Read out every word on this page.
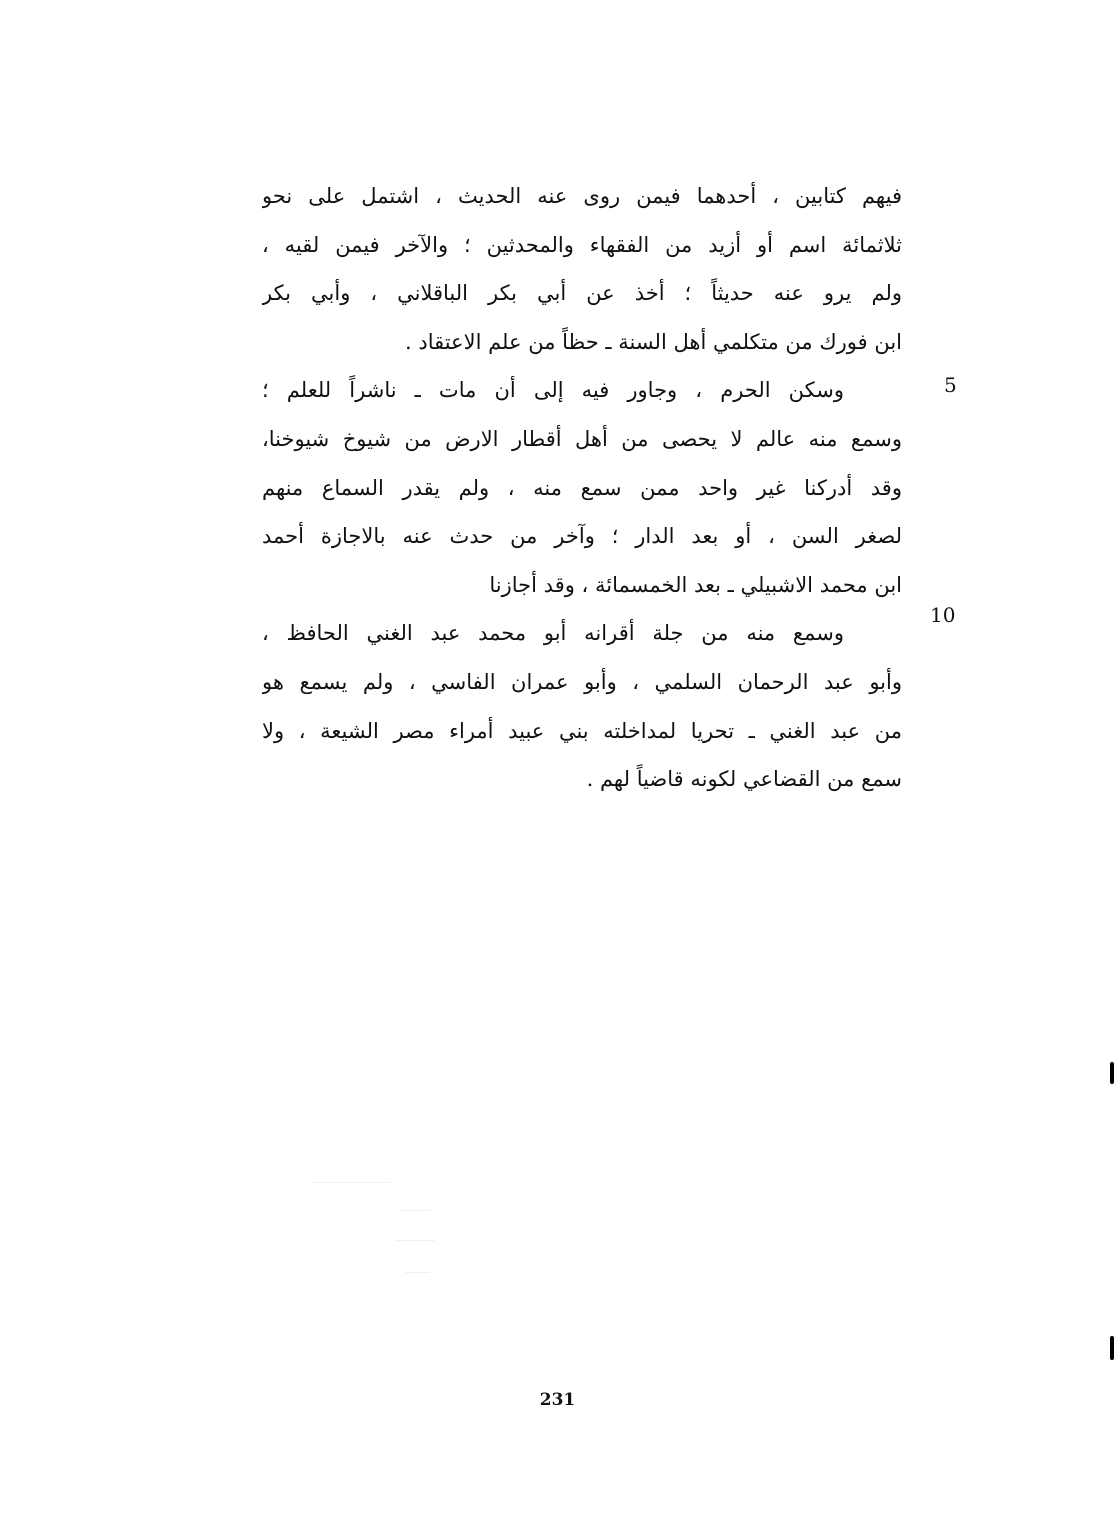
فيهم كتابين ، أحدهما فيمن روى عنه الحديث ، اشتمل على نحو
ثلاثمائة اسم أو أزيد من الفقهاء والمحدثين ؛ والآخر فيمن لقيه ،
ولم يرو عنه حديثاً ؛ أخذ عن أبي بكر الباقلاني ، وأبي بكر
ابن فورك من متكلمي أهل السنة ـ حظاً من علم الاعتقاد .
وسكن الحرم ، وجاور فيه إلى أن مات ـ ناشراً للعلم ؛
وسمع منه عالم لا يحصى من أهل أقطار الارض من شيوخ شيوخنا،
وقد أدركنا غير واحد ممن سمع منه ، ولم يقدر السماع منهم
لصغر السن ، أو بعد الدار ؛ وآخر من حدث عنه بالاجازة أحمد
ابن محمد الاشبيلي ـ بعد الخمسمائة ، وقد أجازنا
وسمع منه من جلة أقرانه أبو محمد عبد الغني الحافظ ،
وأبو عبد الرحمان السلمي ، وأبو عمران الفاسي ، ولم يسمع هو
من عبد الغني ـ تحريا لمداخلته بني عبيد أمراء مصر الشيعة ، ولا
سمع من القضاعي لكونه قاضياً لهم .
5
10
231
